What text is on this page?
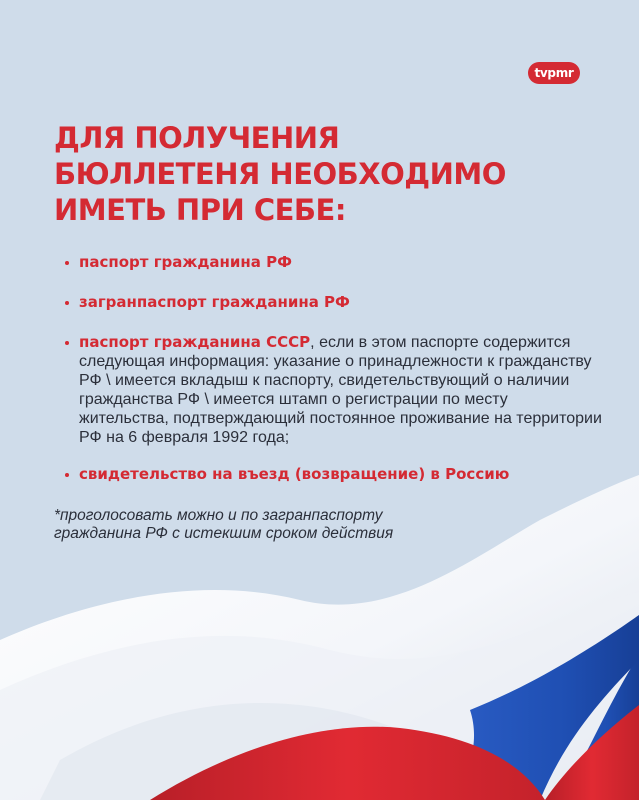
tvpmr
ДЛЯ ПОЛУЧЕНИЯ
БЮЛЛЕТЕНЯ НЕОБХОДИМО
ИМЕТЬ ПРИ СЕБЕ:
паспорт гражданина РФ
загранпаспорт гражданина РФ
паспорт гражданина СССР, если в этом паспорте содержится следующая информация: указание о принадлежности к гражданству РФ \ имеется вкладыш к паспорту, свидетельствующий о наличии гражданства РФ \ имеется штамп о регистрации по месту жительства, подтверждающий постоянное проживание на территории РФ на 6 февраля 1992 года;
свидетельство на въезд (возвращение) в Россию
*проголосовать можно и по загранпаспорту
гражданина РФ с истекшим сроком действия
